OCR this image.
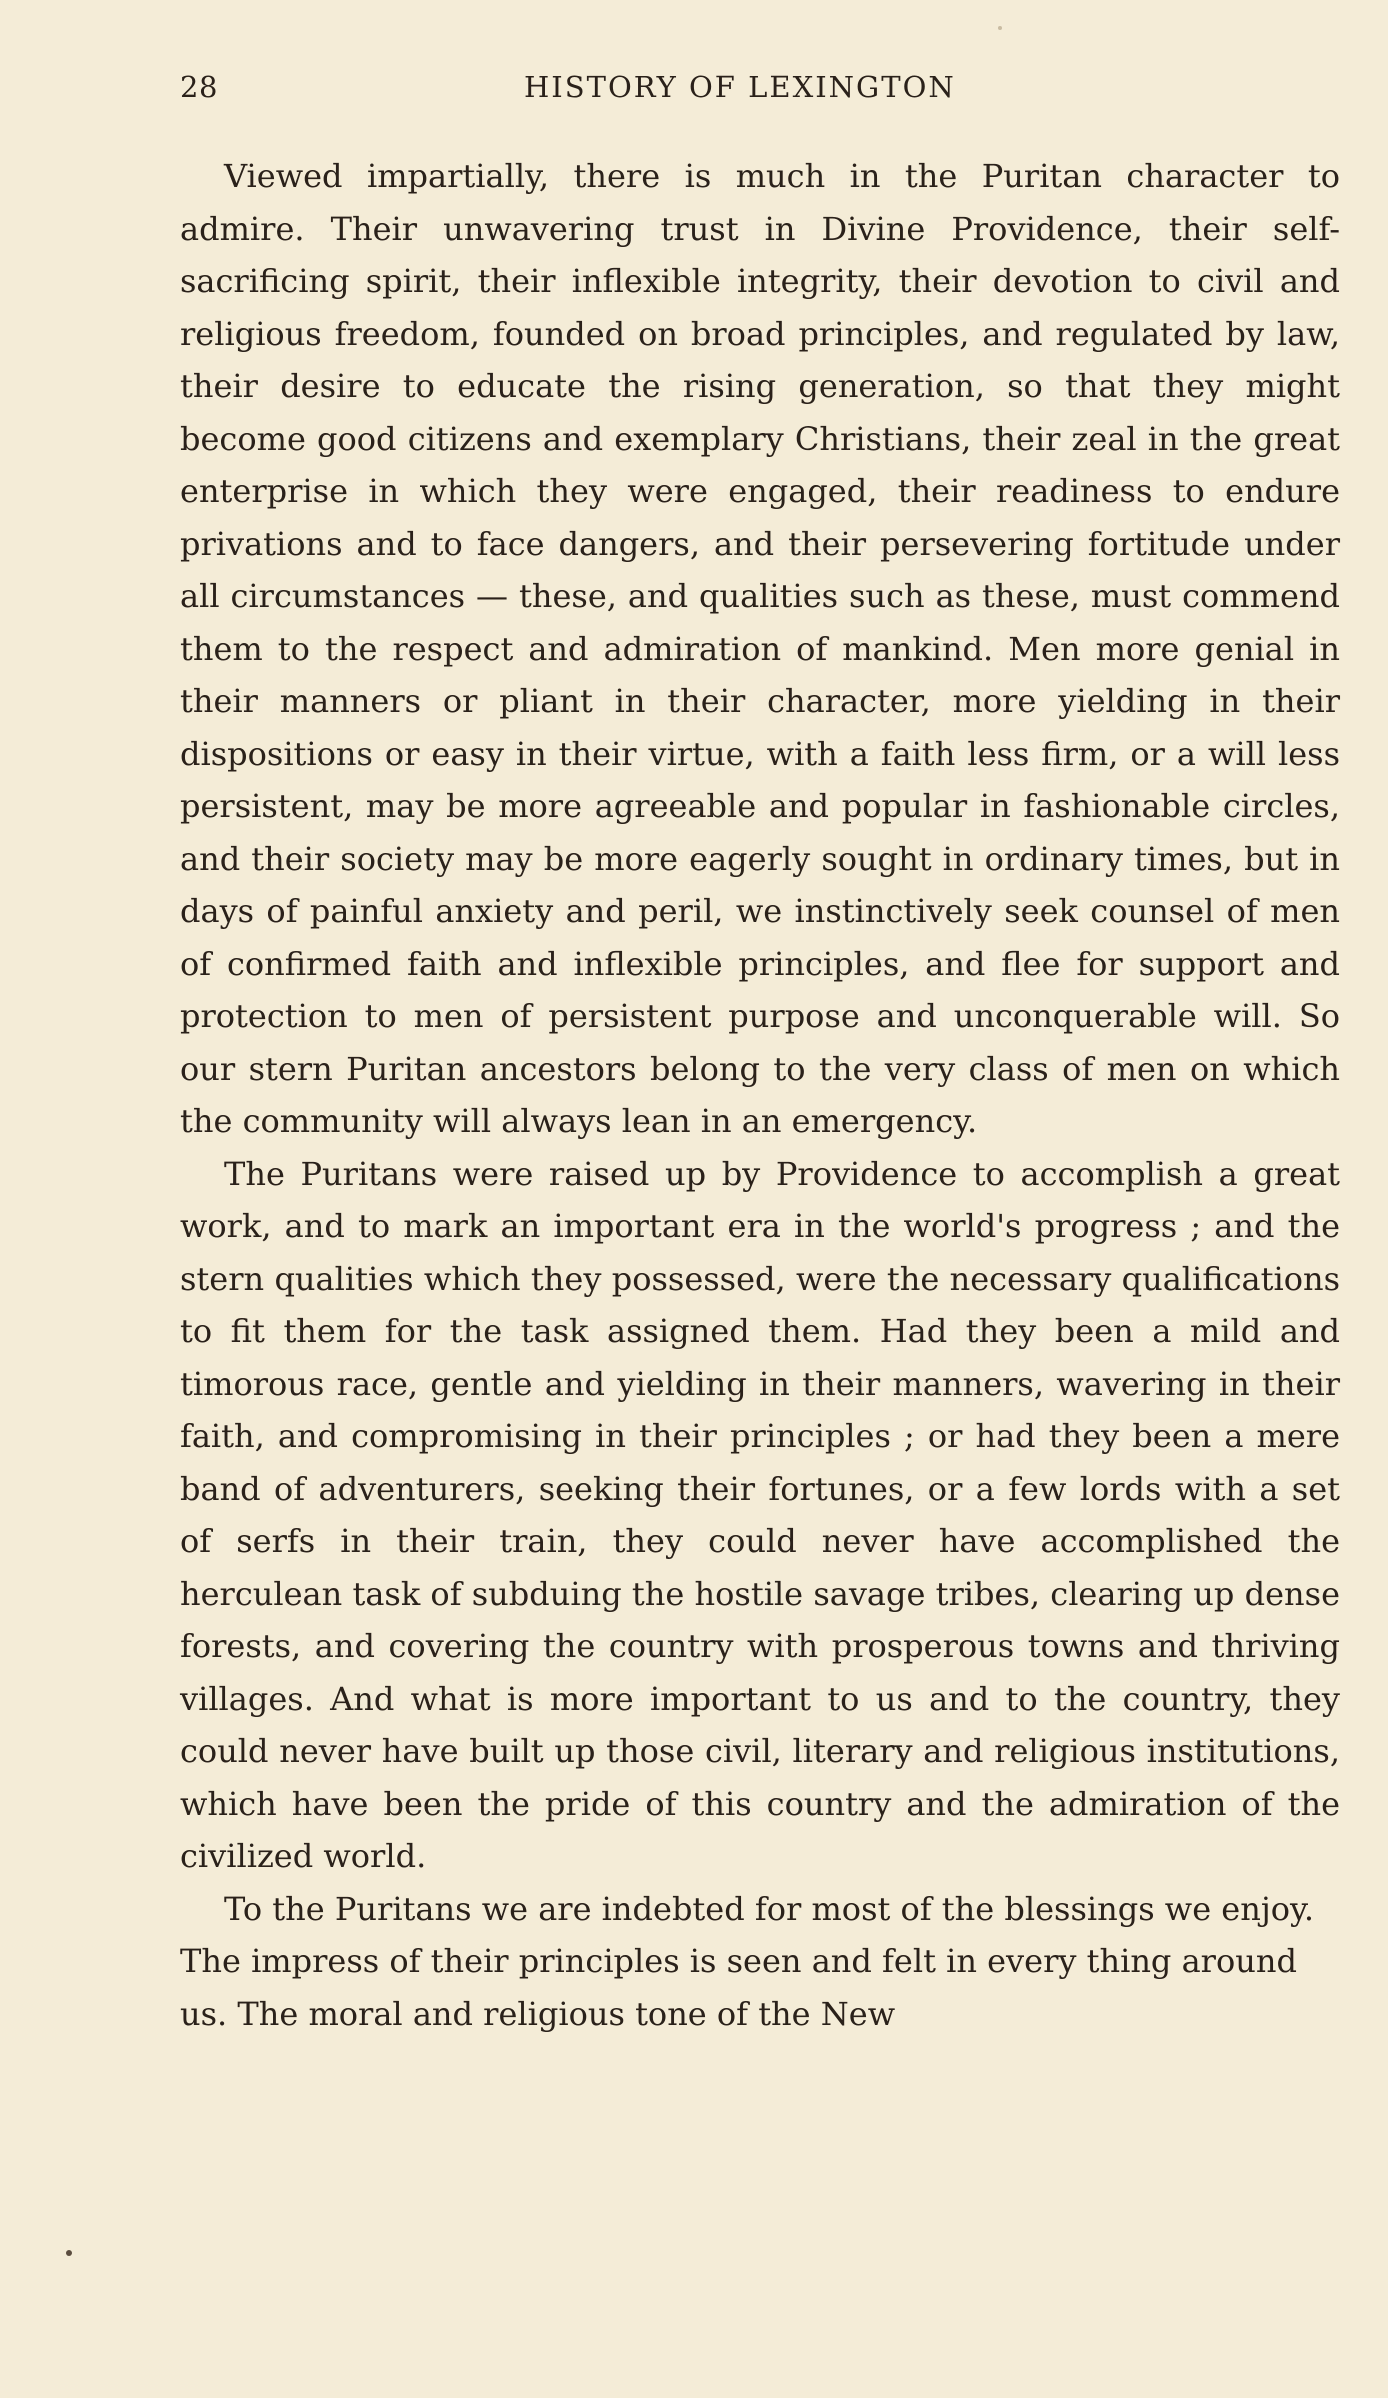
28	HISTORY OF LEXINGTON

Viewed impartially, there is much in the Puritan character to admire. Their unwavering trust in Divine Providence, their self-sacrificing spirit, their inflexible integrity, their devotion to civil and religious freedom, founded on broad principles, and regulated by law, their desire to educate the rising generation, so that they might become good citizens and exemplary Christians, their zeal in the great enterprise in which they were engaged, their readiness to endure privations and to face dangers, and their persevering fortitude under all circumstances — these, and qualities such as these, must commend them to the respect and admiration of mankind. Men more genial in their manners or pliant in their character, more yielding in their dispositions or easy in their virtue, with a faith less firm, or a will less persistent, may be more agreeable and popular in fashionable circles, and their society may be more eagerly sought in ordinary times, but in days of painful anxiety and peril, we instinctively seek counsel of men of confirmed faith and inflexible principles, and flee for support and protection to men of persistent purpose and unconquerable will. So our stern Puritan ancestors belong to the very class of men on which the community will always lean in an emergency.

The Puritans were raised up by Providence to accomplish a great work, and to mark an important era in the world's progress ; and the stern qualities which they possessed, were the necessary qualifications to fit them for the task assigned them. Had they been a mild and timorous race, gentle and yielding in their manners, wavering in their faith, and compromising in their principles ; or had they been a mere band of adventurers, seeking their fortunes, or a few lords with a set of serfs in their train, they could never have accomplished the herculean task of subduing the hostile savage tribes, clearing up dense forests, and covering the country with prosperous towns and thriving villages. And what is more important to us and to the country, they could never have built up those civil, literary and religious institutions, which have been the pride of this country and the admiration of the civilized world.

To the Puritans we are indebted for most of the blessings we enjoy. The impress of their principles is seen and felt in every thing around us. The moral and religious tone of the New
